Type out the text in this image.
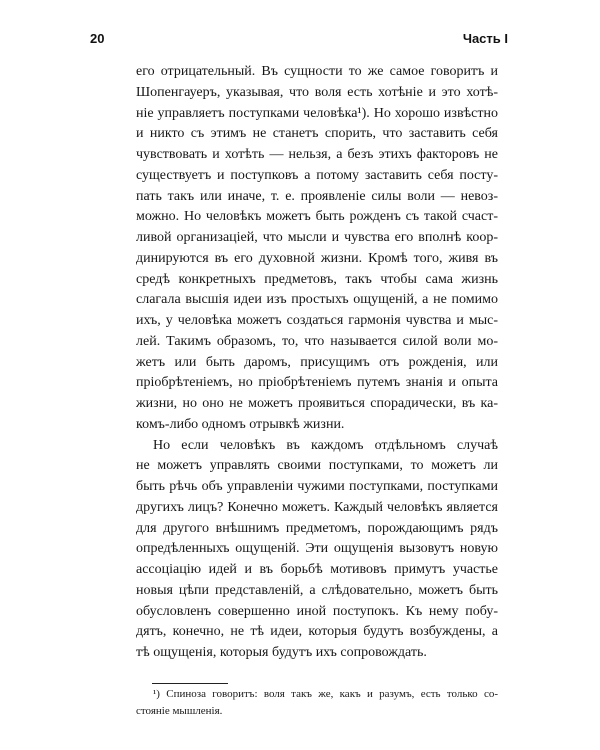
20	Часть I
его отрицательный. Въ сущности то же самое говоритъ и
Шопенгауеръ, указывая, что воля есть хотѣніе и это хотѣ-
ніе управляетъ поступками человѣка¹). Но хорошо извѣстно
и никто съ этимъ не станетъ спорить, что заставить себя
чувствовать и хотѣть — нельзя, а безъ этихъ факторовъ не
существуетъ и поступковъ а потому заставить себя посту-
пать такъ или иначе, т. е. проявленіе силы воли — невоз-
можно. Но человѣкъ можетъ быть рожденъ съ такой счаст-
ливой организаціей, что мысли и чувства его вполнѣ коор-
динируются въ его духовной жизни. Кромѣ того, живя въ
средѣ конкретныхъ предметовъ, такъ чтобы сама жизнь
слагала высшія идеи изъ простыхъ ощущеній, а не помимо
ихъ, у человѣка можетъ создаться гармонія чувства и мыс-
лей. Такимъ образомъ, то, что называется силой воли мо-
жетъ или быть даромъ, присущимъ отъ рожденія, или
пріобрѣтеніемъ, но пріобрѣтеніемъ путемъ знанія и опыта
жизни, но оно не можетъ проявиться спорадически, въ ка-
комъ-либо одномъ отрывкѣ жизни.
Но если человѣкъ въ каждомъ отдѣльномъ случаѣ
не можетъ управлять своими поступками, то можетъ ли
быть рѣчь объ управленіи чужими поступками, поступками
другихъ лицъ? Конечно можетъ. Каждый человѣкъ является
для другого внѣшнимъ предметомъ, порождающимъ рядъ
опредѣленныхъ ощущеній. Эти ощущенія вызовутъ новую
ассоціацію идей и въ борьбѣ мотивовъ примутъ участье
новыя цѣпи представленій, а слѣдовательно, можетъ быть
обусловленъ совершенно иной поступокъ. Къ нему побу-
дятъ, конечно, не тѣ идеи, которыя будутъ возбуждены, а
тѣ ощущенія, которыя будутъ ихъ сопровождать.
¹) Спиноза говоритъ: воля такъ же, какъ и разумъ, есть только со-
стояніе мышленія.
